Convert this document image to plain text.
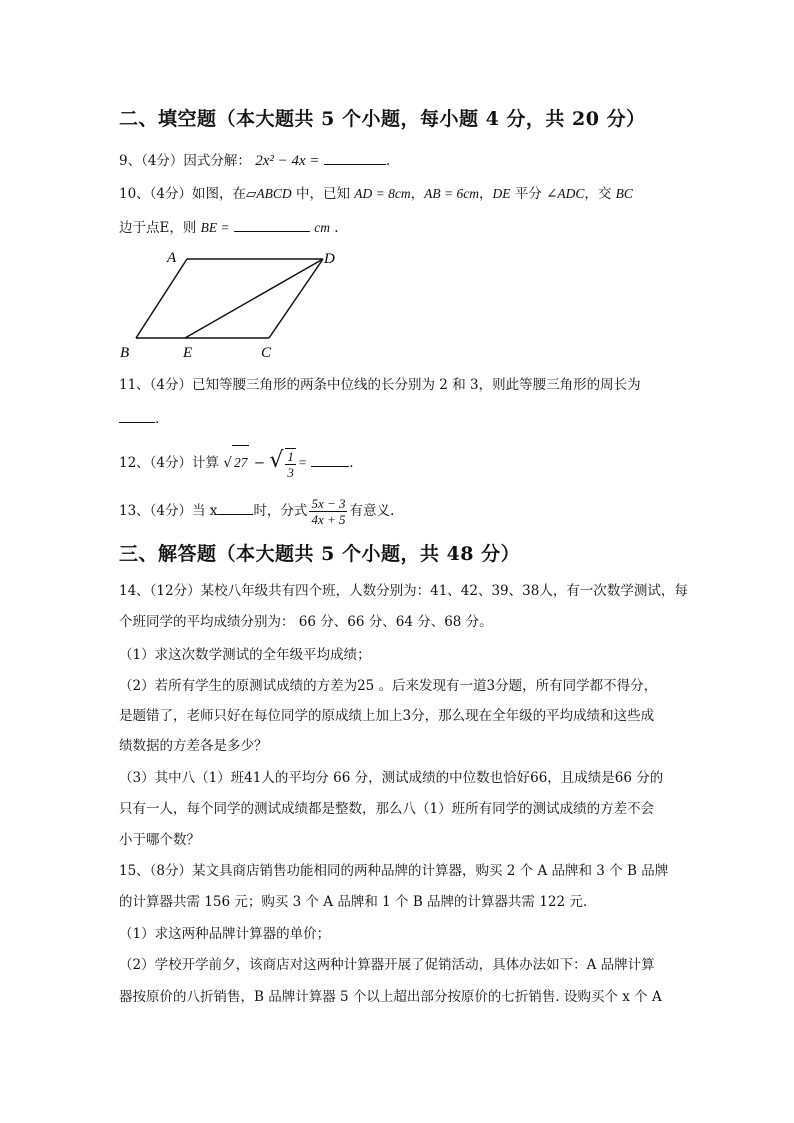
二、填空题（本大题共 5 个小题，每小题 4 分，共 20 分）
9、（4分）因式分解： 2x² − 4x =	.
10、（4分）如图，在▱ABCD 中，已知 AD = 8cm，AB = 6cm，DE 平分 ∠ADC，交 BC
边于点E，则 BE =	cm .
A	D
B	E	C
11、（4分）已知等腰三角形的两条中位线的长分别为 2 和 3，则此等腰三角形的周长为
.
12、（4分）计算 √ 27 − √ $\frac{1}{3}$ =	.
13、（4分）当 x	时，分式 $\frac{5x - 3}{4x + 5}$ 有意义.
三、解答题（本大题共 5 个小题，共 48 分）
14、（12分）某校八年级共有四个班，人数分别为：41、42、39、38人，有一次数学测试，每
个班同学的平均成绩分别为： 66 分、66 分、64 分、68 分。
（1）求这次数学测试的全年级平均成绩；
（2）若所有学生的原测试成绩的方差为25 。后来发现有一道3分题，所有同学都不得分，
是题错了，老师只好在每位同学的原成绩上加上3分，那么现在全年级的平均成绩和这些成
绩数据的方差各是多少？
（3）其中八（1）班41人的平均分 66 分，测试成绩的中位数也恰好66，且成绩是66 分的
只有一人，每个同学的测试成绩都是整数，那么八（1）班所有同学的测试成绩的方差不会
小于哪个数？
15、（8分）某文具商店销售功能相同的两种品牌的计算器，购买 2 个 A 品牌和 3 个 B 品牌
的计算器共需 156 元；购买 3 个 A 品牌和 1 个 B 品牌的计算器共需 122 元.
（1）求这两种品牌计算器的单价；
（2）学校开学前夕，该商店对这两种计算器开展了促销活动，具体办法如下：A 品牌计算
器按原价的八折销售，B 品牌计算器 5 个以上超出部分按原价的七折销售. 设购买个 x 个 A
